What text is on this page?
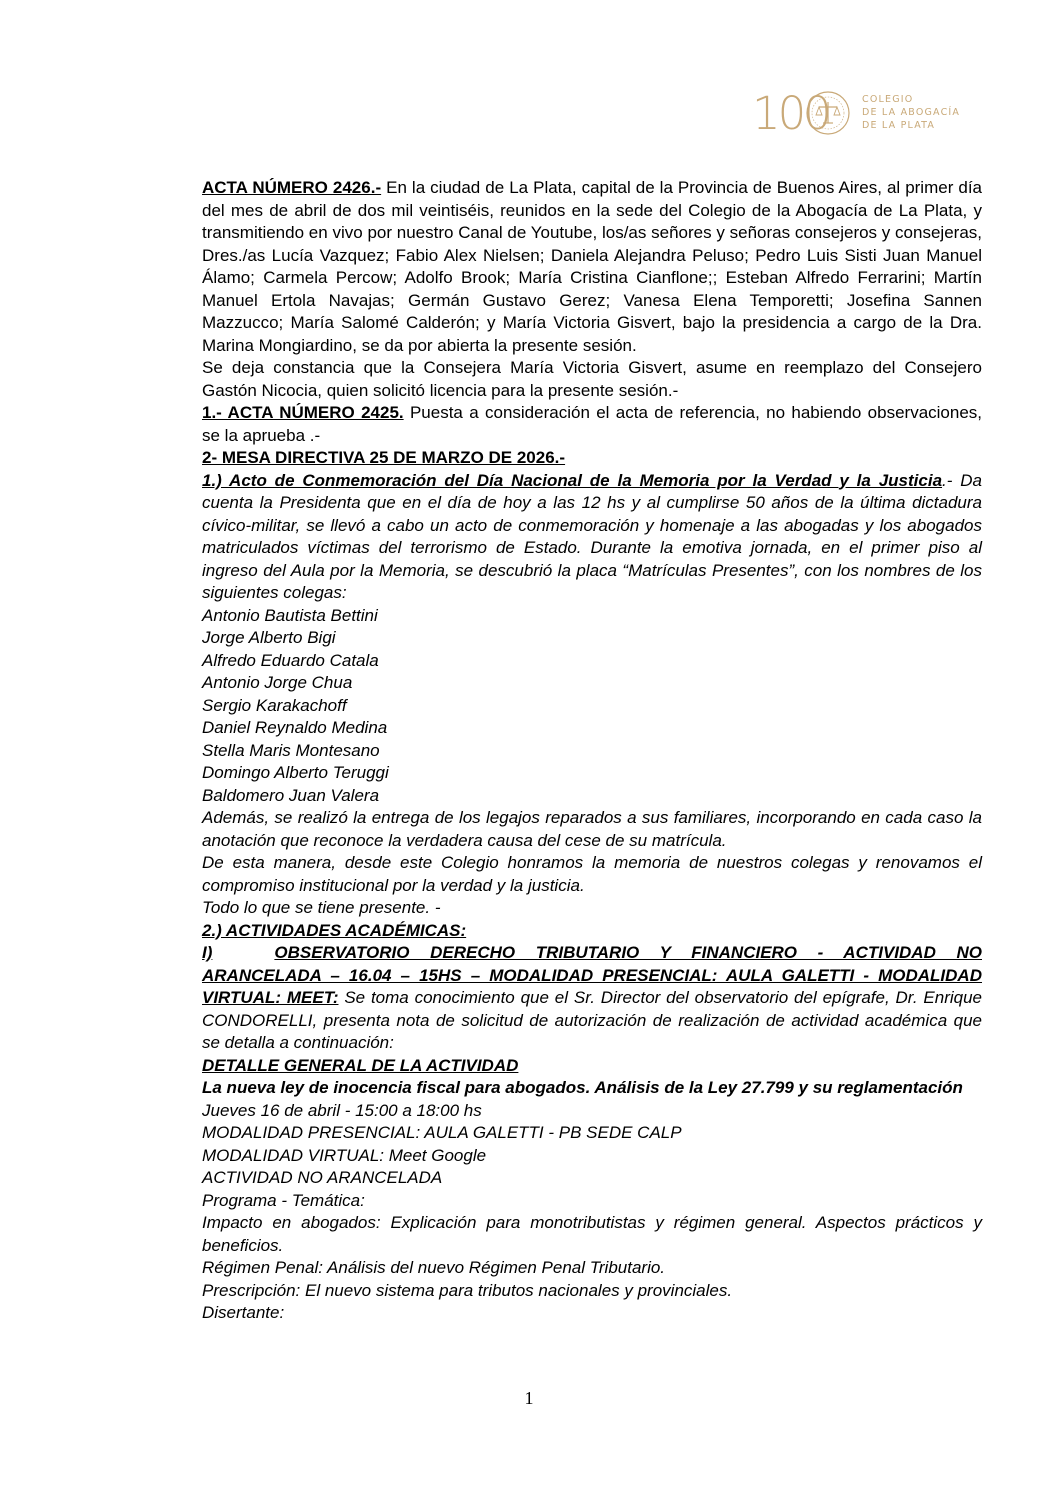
100	COLEGIO
DE LA ABOGACÍA
DE LA PLATA

ACTA NÚMERO 2426.- En la ciudad de La Plata, capital de la Provincia de Buenos Aires, al primer día del mes de abril de dos mil veintiséis, reunidos en la sede del Colegio de la Abogacía de La Plata, y transmitiendo en vivo por nuestro Canal de Youtube, los/as señores y señoras consejeros y consejeras, Dres./as Lucía Vazquez; Fabio Alex Nielsen; Daniela Alejandra Peluso; Pedro Luis Sisti Juan Manuel Álamo; Carmela Percow; Adolfo Brook; María Cristina Cianflone;; Esteban Alfredo Ferrarini; Martín Manuel Ertola Navajas; Germán Gustavo Gerez; Vanesa Elena Temporetti; Josefina Sannen Mazzucco; María Salomé Calderón; y María Victoria Gisvert, bajo la presidencia a cargo de la Dra. Marina Mongiardino, se da por abierta la presente sesión.

Se deja constancia que la Consejera María Victoria Gisvert, asume en reemplazo del Consejero Gastón Nicocia, quien solicitó licencia para la presente sesión.-

1.- ACTA NÚMERO 2425. Puesta a consideración el acta de referencia, no habiendo observaciones, se la aprueba .-

2- MESA DIRECTIVA 25 DE MARZO DE 2026.-

1.) Acto de Conmemoración del Día Nacional de la Memoria por la Verdad y la Justicia.- Da cuenta la Presidenta que en el día de hoy a las 12 hs y al cumplirse 50 años de la última dictadura cívico-militar, se llevó a cabo un acto de conmemoración y homenaje a las abogadas y los abogados matriculados víctimas del terrorismo de Estado. Durante la emotiva jornada, en el primer piso al ingreso del Aula por la Memoria, se descubrió la placa “Matrículas Presentes”, con los nombres de los siguientes colegas:

Antonio Bautista Bettini
Jorge Alberto Bigi
Alfredo Eduardo Catala
Antonio Jorge Chua
Sergio Karakachoff
Daniel Reynaldo Medina
Stella Maris Montesano
Domingo Alberto Teruggi
Baldomero Juan Valera

Además, se realizó la entrega de los legajos reparados a sus familiares, incorporando en cada caso la anotación que reconoce la verdadera causa del cese de su matrícula.

De esta manera, desde este Colegio honramos la memoria de nuestros colegas y renovamos el compromiso institucional por la verdad y la justicia.

Todo lo que se tiene presente. -

2.) ACTIVIDADES ACADÉMICAS:

I)	OBSERVATORIO DERECHO TRIBUTARIO Y FINANCIERO - ACTIVIDAD NO ARANCELADA – 16.04 – 15HS – MODALIDAD PRESENCIAL: AULA GALETTI - MODALIDAD VIRTUAL: MEET: Se toma conocimiento que el Sr. Director del observatorio del epígrafe, Dr. Enrique CONDORELLI, presenta nota de solicitud de autorización de realización de actividad académica que se detalla a continuación:

DETALLE GENERAL DE LA ACTIVIDAD

La nueva ley de inocencia fiscal para abogados. Análisis de la Ley 27.799 y su reglamentación

Jueves 16 de abril - 15:00 a 18:00 hs

MODALIDAD PRESENCIAL: AULA GALETTI - PB SEDE CALP

MODALIDAD VIRTUAL: Meet Google

ACTIVIDAD NO ARANCELADA

Programa - Temática:

Impacto en abogados: Explicación para monotributistas y régimen general. Aspectos prácticos y beneficios.

Régimen Penal: Análisis del nuevo Régimen Penal Tributario.

Prescripción: El nuevo sistema para tributos nacionales y provinciales.

Disertante:

1
